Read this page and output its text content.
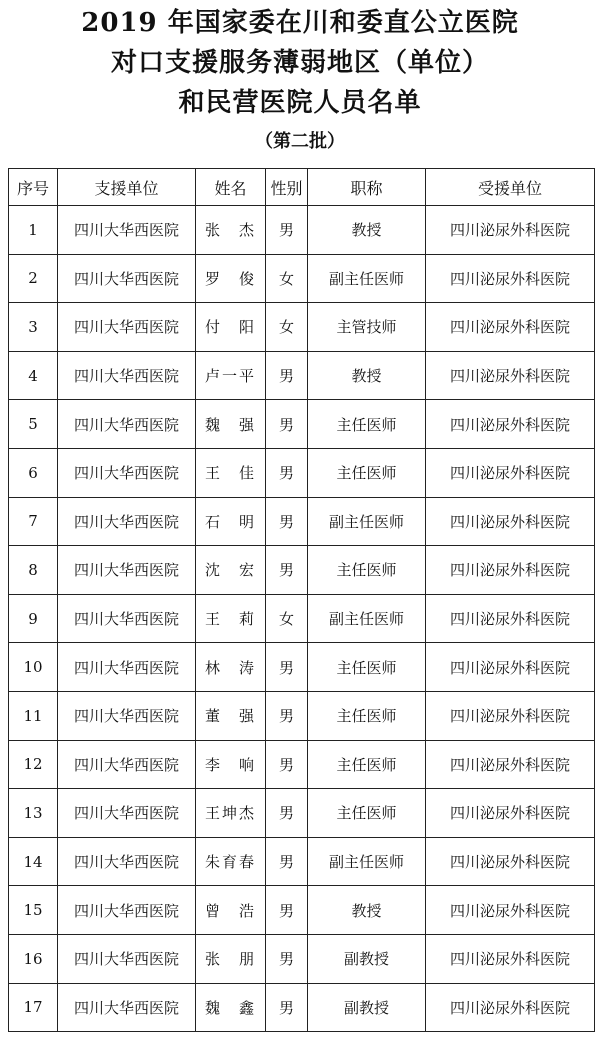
2019 年国家委在川和委直公立医院
对口支援服务薄弱地区（单位）
和民营医院人员名单
（第二批）
序号	支援单位	姓名	性别	职称	受援单位
1	四川大华西医院	张　杰	男	教授	四川泌尿外科医院
2	四川大华西医院	罗　俊	女	副主任医师	四川泌尿外科医院
3	四川大华西医院	付　阳	女	主管技师	四川泌尿外科医院
4	四川大华西医院	卢一平	男	教授	四川泌尿外科医院
5	四川大华西医院	魏　强	男	主任医师	四川泌尿外科医院
6	四川大华西医院	王　佳	男	主任医师	四川泌尿外科医院
7	四川大华西医院	石　明	男	副主任医师	四川泌尿外科医院
8	四川大华西医院	沈　宏	男	主任医师	四川泌尿外科医院
9	四川大华西医院	王　莉	女	副主任医师	四川泌尿外科医院
10	四川大华西医院	林　涛	男	主任医师	四川泌尿外科医院
11	四川大华西医院	董　强	男	主任医师	四川泌尿外科医院
12	四川大华西医院	李　响	男	主任医师	四川泌尿外科医院
13	四川大华西医院	王坤杰	男	主任医师	四川泌尿外科医院
14	四川大华西医院	朱育春	男	副主任医师	四川泌尿外科医院
15	四川大华西医院	曾　浩	男	教授	四川泌尿外科医院
16	四川大华西医院	张　朋	男	副教授	四川泌尿外科医院
17	四川大华西医院	魏　鑫	男	副教授	四川泌尿外科医院
